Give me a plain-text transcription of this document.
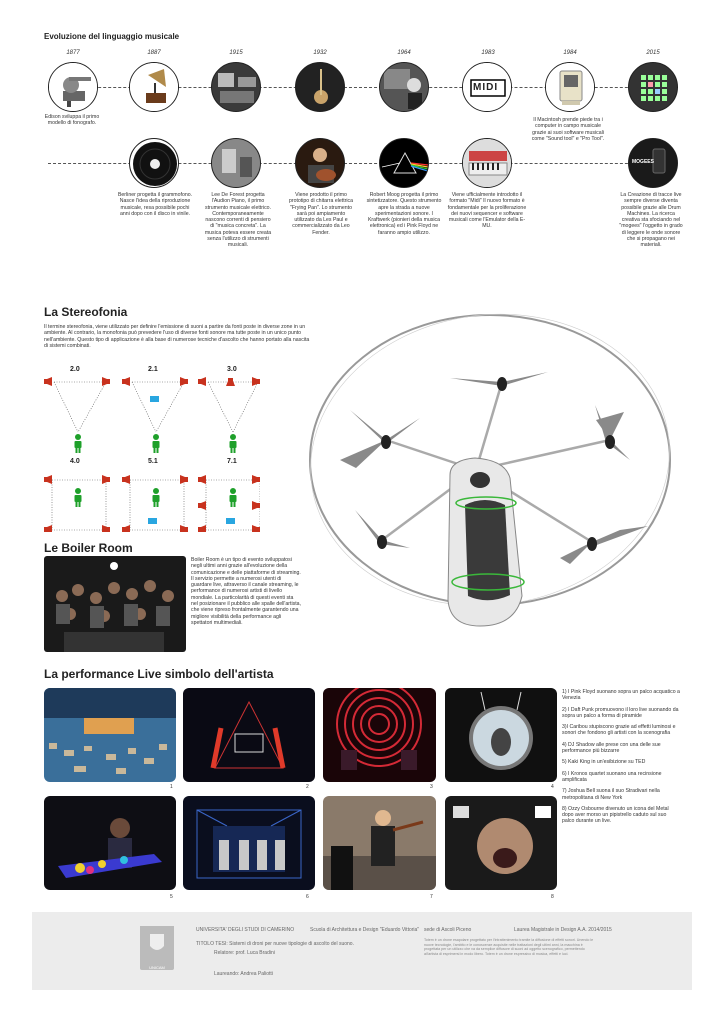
Evoluzione del linguaggio musicale
1877	1887	1915	1932	1964	1983	1984	2015
MIDI
Edison sviluppa il primo modello di fonografo.
Il Macintosh prende piede tra i computer in campo musicale grazie ai suoi software musicali come "Sound tool" e "Pro Tool".
MOGEES
Berliner progetta il grammofono. Nasce l'idea della riproduzione musicale, resa possibile pochi anni dopo con il disco in vinile.
Lee De Forest progetta l'Audion Piano, il primo strumento musicale elettrico. Contemporaneamente nascono correnti di pensiero di "musica concreta". La musica poteva essere creata senza l'utilizzo di strumenti musicali.
Viene prodotto il primo prototipo di chitarra elettrica "Frying Pan". Lo strumento sarà poi ampiamento utilizzato da Les Paul e commercializzato da Leo Fender.
Robert Moog progetta il primo sintetizzatore. Questo strumento apre la strada a nuove sperimentazioni sonore. I Kraftwerk (pionieri della musica elettronica) ed i Pink Floyd ne faranno ampio utilizzo.
Viene ufficialmente introdotto il formato "Midi" Il nuovo formato è fondamentale per la proliferazione dei nuovi sequencer e software musicali come l'Emulator della E-MU.
La Creazione di tracce live sempre diverse diventa possibile grazie alle Drum Machines. La ricerca creativa sta sfociando nel "mogees" l'oggetto in grado di leggere le onde sonore che si propagano nei materiali.
La Stereofonia
Il termine stereofonia, viene utilizzato per definire l'emissione di suoni a partire da fonti poste in diverse zone in un ambiente. Al contrario, la monofonia può prevedere l'uso di diverse fonti sonore ma tutte poste in un unico punto nell'ambiente. Questo tipo di applicazione è alla base di numerose tecniche d'ascolto che hanno portato alla nascita di sistemi combinati.
2.0	2.1	3.0
4.0	5.1	7.1
Le Boiler Room
Boiler Room è un tipo di evento sviluppatosi negli ultimi anni grazie all'evoluzione della comunicazione e delle piattaforme di streaming. Il servizio permette a numerosi utenti di guardare live, attraverso il canale streaming, le performance di numerosi artisti di livello mondiale. La particolarità di questi eventi sta nel posizionare il pubblico alle spalle dell'artista, che viene ripreso frontalmente garantendo una migliore visibilità della performance agli spettatori multimediali.
La performance Live simbolo dell'artista
1	2	3	4
5	6	7	8
1) I Pink Floyd suonano sopra un palco acquatico a Venezia
2) I Daft Punk promuovono il loro live suonando da sopra un palco a forma di piramide
3)I Caribou stupiscono grazie ad effetti luminosi e sonori che fondono gli artisti con la scenografia
4) DJ Shadow alle prese con una delle sue performance più bizzarre
5) Kaki King in un'esibizione su TED
6) I Kronos quartet suonano una recinsione amplificata
7) Joshua Bell suona il suo Stradivari nella metropolitana di New York
8) Ozzy Osbourne divenuto un icona del Metal dopo aver morso un pipistrello caduto sul suo palco durante un live.
UNICAM
UNIVERSITA' DEGLI STUDI DI CAMERINO	Scuola di Architettura e Design "Eduardo Vittoria" sede di Ascoli Piceno	Laurea Magistrale in Design A.A. 2014/2015
TITOLO TESI: Sistemi di droni per nuove tipologie di ascolto del suono.
Relatore: prof. Luca Bradini
Laureando: Andrea Paliotti
Totem è un drone esapolare progettato per l'intrattenimento tramite la diffusione di effetti sonori. Unendo le nuove tecnologie, l'ambito e le conoscenze acquisite nelle trattazioni degli ultimi anni, la macchina è progettata per un utilizzo che va da semplice diffusore di suoni ad oggetto scenografico, permettendo all'artista di esprimersi in modo libero. Totem è un drone espressivo di musica, effetti e luci.
